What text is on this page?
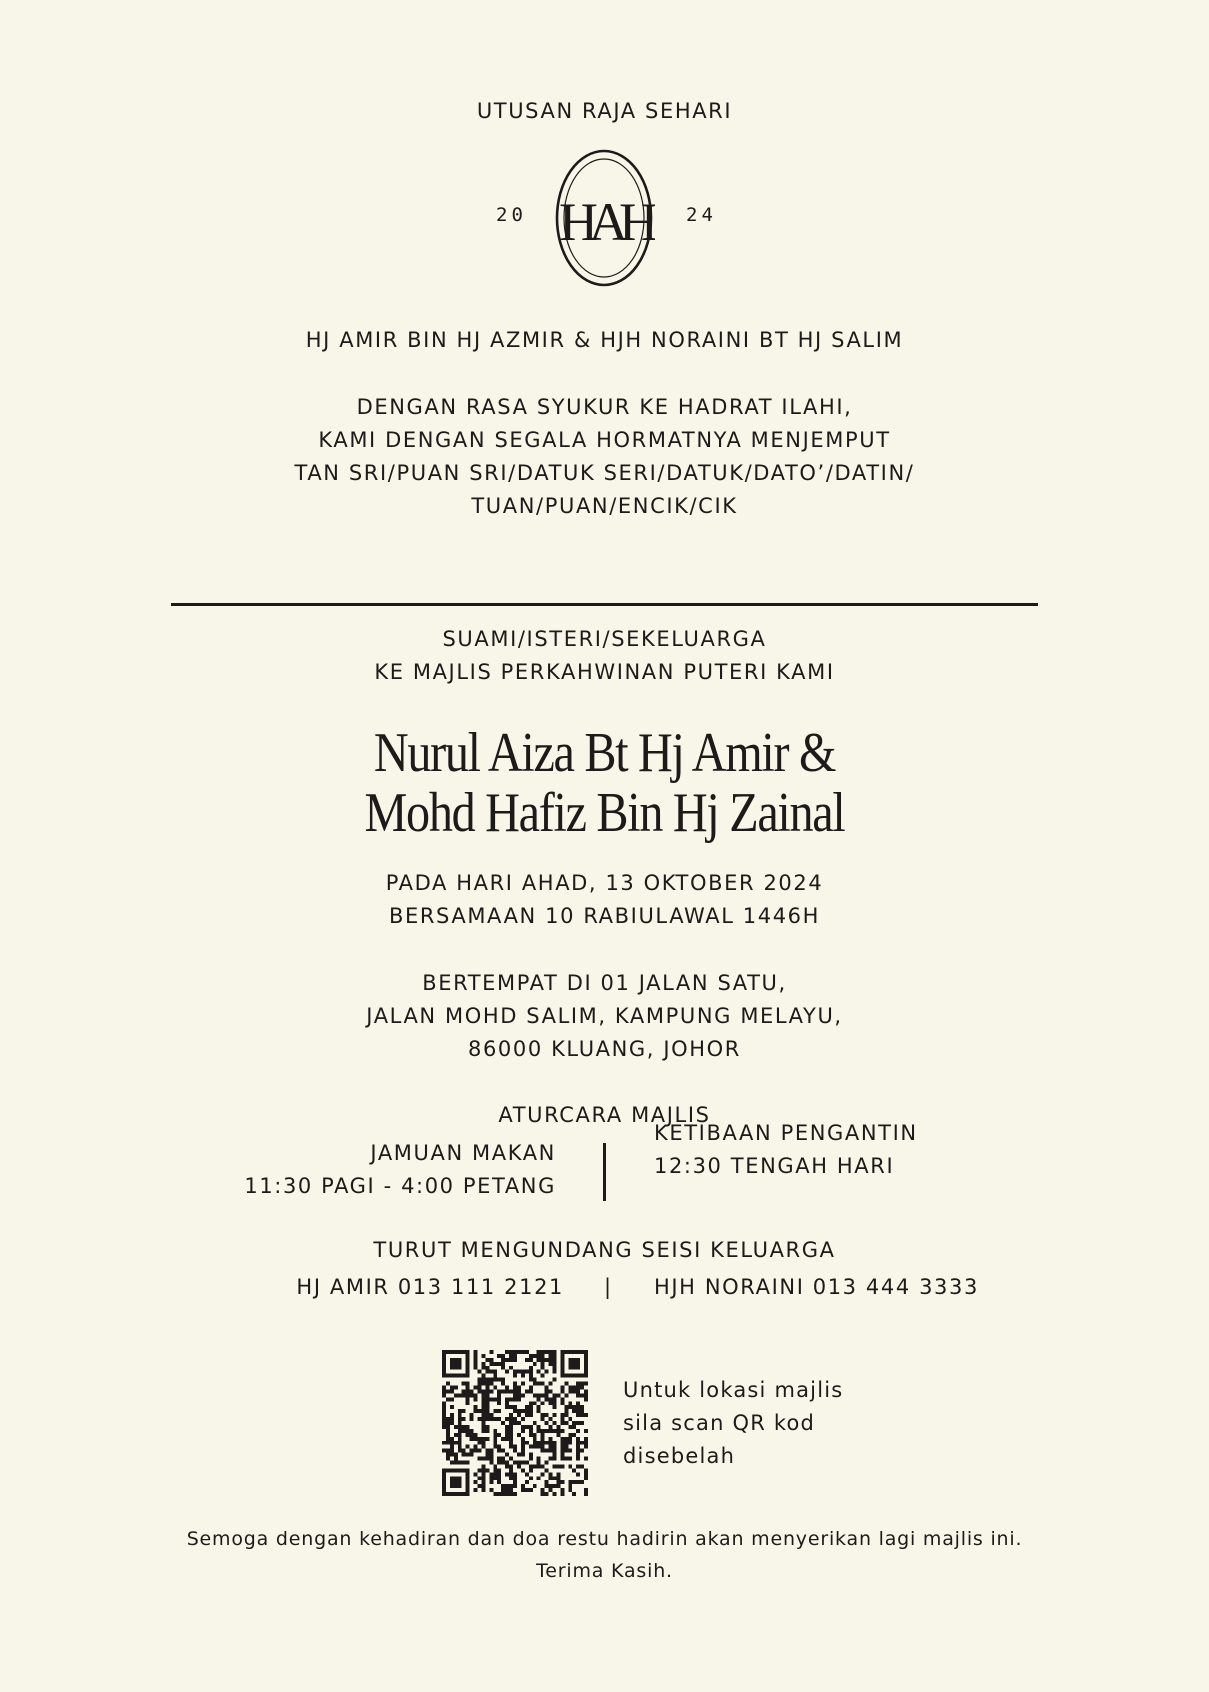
UTUSAN RAJA SEHARI
20 HAH	24
HJ AMIR BIN HJ AZMIR & HJH NORAINI BT HJ SALIM
DENGAN RASA SYUKUR KE HADRAT ILAHI,
KAMI DENGAN SEGALA HORMATNYA MENJEMPUT
TAN SRI/PUAN SRI/DATUK SERI/DATUK/DATO’/DATIN/
TUAN/PUAN/ENCIK/CIK
SUAMI/ISTERI/SEKELUARGA
KE MAJLIS PERKAHWINAN PUTERI KAMI
Nurul Aiza Bt Hj Amir &
Mohd Hafiz Bin Hj Zainal
PADA HARI AHAD, 13 OKTOBER 2024
BERSAMAAN 10 RABIULAWAL 1446H
BERTEMPAT DI 01 JALAN SATU,
JALAN MOHD SALIM, KAMPUNG MELAYU,
86000 KLUANG, JOHOR
ATURCARA MAJLIS
JAMUAN MAKAN
11:30 PAGI - 4:00 PETANG
KETIBAAN PENGANTIN
12:30 TENGAH HARI
TURUT MENGUNDANG SEISI KELUARGA
HJ AMIR 013 111 2121 | HJH NORAINI 013 444 3333
Untuk lokasi majlis
sila scan QR kod
disebelah
Semoga dengan kehadiran dan doa restu hadirin akan menyerikan lagi majlis ini.
Terima Kasih.
